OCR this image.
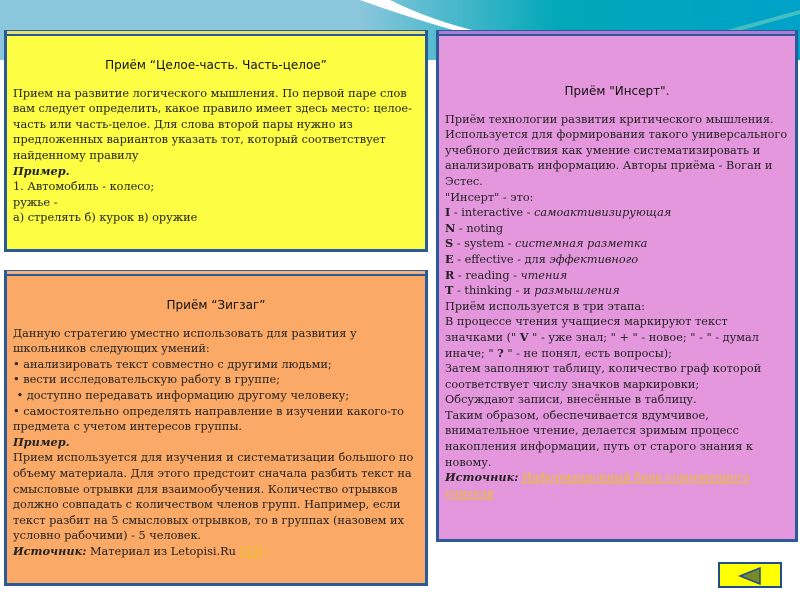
Приём “Целое-часть. Часть-целое”

Прием на развитие логического мышления. По первой паре слов вам следует определить, какое правило имеет здесь место: целое-часть или часть-целое. Для слова второй пары нужно из предложенных вариантов указать тот, который соответствует найденному правилу

Пример.

1. Автомобиль - колесо;

ружье -

а) стрелять б) курок в) оружие

Приём “Зигзаг”

Данную стратегию уместно использовать для развития у школьников следующих умений:

• анализировать текст совместно с другими людьми;

• вести исследовательскую работу в группе;

• доступно передавать информацию другому человеку;

• самостоятельно определять направление в изучении какого-то предмета с учетом интересов группы.

Пример.

Прием используется для изучения и систематизации большого по объему материала. Для этого предстоит сначала разбить текст на смысловые отрывки для взаимообучения. Количество отрывков должно совпадать с количеством членов групп. Например, если текст разбит на 5 смысловых отрывков, то в группах (назовем их условно рабочими) - 5 человек.

Источник: Материал из Letopisi.Ru [33]

Приём "Инсерт".

Приём технологии развития критического мышления. Используется для формирования такого универсального учебного действия как умение систематизировать и анализировать информацию. Авторы приёма - Воган и Эстес.

"Инсерт" - это:

I - interactive - самоактивизирующая

N - noting

S - system - системная разметка

E - effective - для эффективного

R - reading - чтения

T - thinking - и размышления

Приём используется в три этапа:

В процессе чтения учащиеся маркируют текст значками (" V " - уже знал; " + " - новое; " - " - думал иначе; " ? " - не понял, есть вопросы);

Затем заполняют таблицу, количество граф которой соответствует числу значков маркировки;

Обсуждают записи, внесённые в таблицу.

Таким образом, обеспечивается вдумчивое, внимательное чтение, делается зримым процесс накопления информации, путь от старого знания к новому.

Источник: Информационный банк современного учителя
